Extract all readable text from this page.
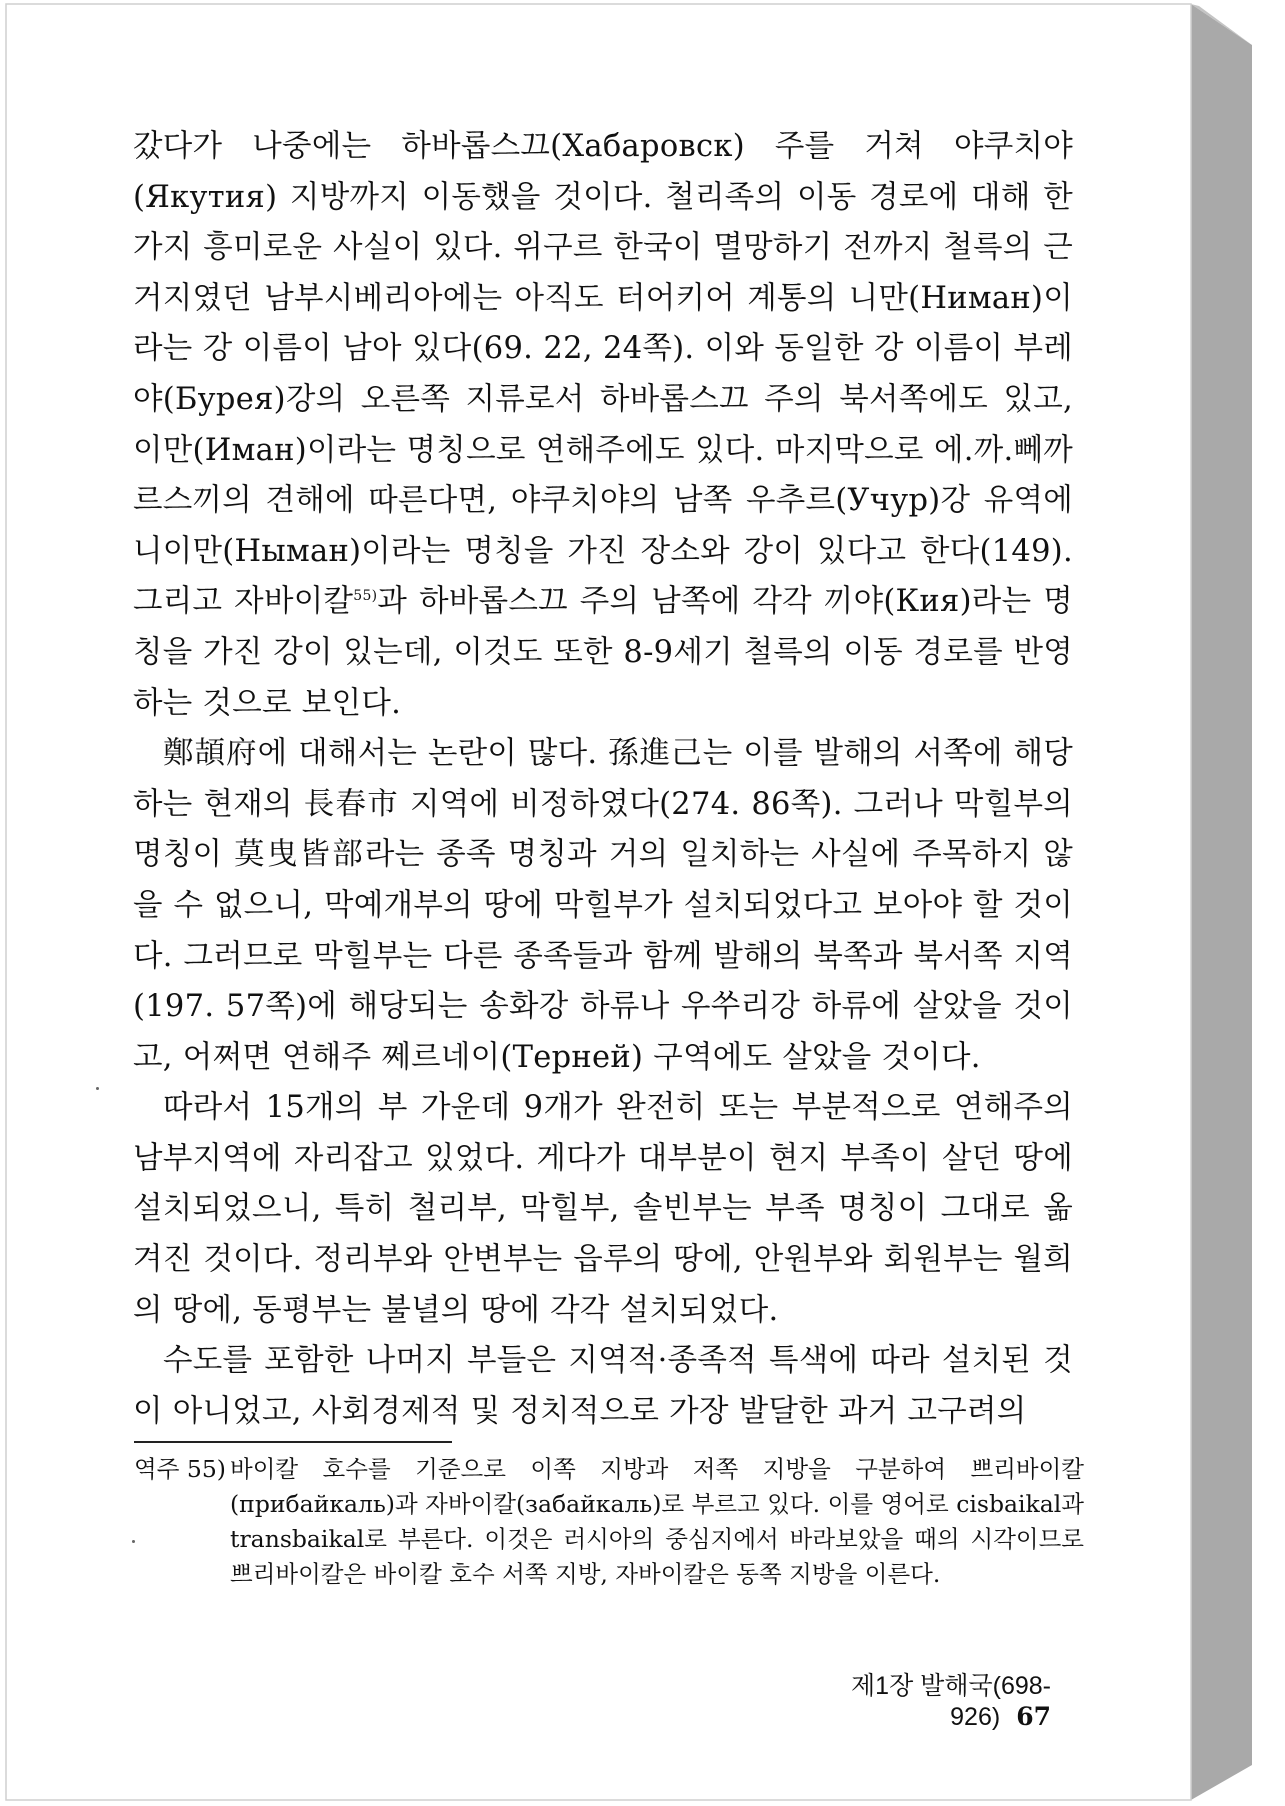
갔다가 나중에는 하바롭스끄(Хабаровск) 주를 거쳐 야쿠치야(Якутия) 지방까지 이동했을 것이다. 철리족의 이동 경로에 대해 한 가지 흥미로운 사실이 있다. 위구르 한국이 멸망하기 전까지 철륵의 근거지였던 남부시베리아에는 아직도 터어키어 계통의 니만(Ниман)이라는 강 이름이 남아 있다(69. 22, 24쪽). 이와 동일한 강 이름이 부레야(Бурея)강의 오른쪽 지류로서 하바롭스끄 주의 북서쪽에도 있고, 이만(Иман)이라는 명칭으로 연해주에도 있다. 마지막으로 에.까.뻬까르스끼의 견해에 따른다면, 야쿠치야의 남쪽 우추르(Учур)강 유역에 니이만(Ныман)이라는 명칭을 가진 장소와 강이 있다고 한다(149). 그리고 자바이칼$^{55)}$과 하바롭스끄 주의 남쪽에 각각 끼야(Кия)라는 명칭을 가진 강이 있는데, 이것도 또한 8-9세기 철륵의 이동 경로를 반영하는 것으로 보인다.

鄭頡府에 대해서는 논란이 많다. 孫進己는 이를 발해의 서쪽에 해당하는 현재의 長春市 지역에 비정하였다(274. 86쪽). 그러나 막힐부의 명칭이 莫曳皆部라는 종족 명칭과 거의 일치하는 사실에 주목하지 않을 수 없으니, 막예개부의 땅에 막힐부가 설치되었다고 보아야 할 것이다. 그러므로 막힐부는 다른 종족들과 함께 발해의 북쪽과 북서쪽 지역(197. 57쪽)에 해당되는 송화강 하류나 우쑤리강 하류에 살았을 것이고, 어쩌면 연해주 쩨르네이(Терней) 구역에도 살았을 것이다.

따라서 15개의 부 가운데 9개가 완전히 또는 부분적으로 연해주의 남부지역에 자리잡고 있었다. 게다가 대부분이 현지 부족이 살던 땅에 설치되었으니, 특히 철리부, 막힐부, 솔빈부는 부족 명칭이 그대로 옮겨진 것이다. 정리부와 안변부는 읍루의 땅에, 안원부와 회원부는 월희의 땅에, 동평부는 불녈의 땅에 각각 설치되었다.

수도를 포함한 나머지 부들은 지역적·종족적 특색에 따라 설치된 것이 아니었고, 사회경제적 및 정치적으로 가장 발달한 과거 고구려의

역주 55) 바이칼 호수를 기준으로 이쪽 지방과 저쪽 지방을 구분하여 쁘리바이칼(прибайкаль)과 자바이칼(забайкаль)로 부르고 있다. 이를 영어로 cisbaikal과 transbaikal로 부른다. 이것은 러시아의 중심지에서 바라보았을 때의 시각이므로 쁘리바이칼은 바이칼 호수 서쪽 지방, 자바이칼은 동쪽 지방을 이른다.
제1장 발해국(698-926) 67
